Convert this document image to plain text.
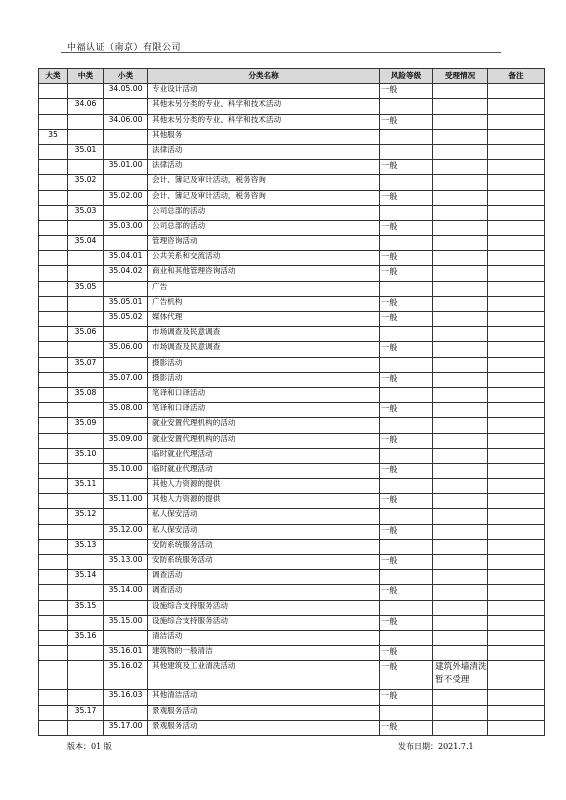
中福认证（南京）有限公司
大类	中类	小类	分类名称	风险等级	受理情况	备注
		34.05.00	专业设计活动	一般		
	34.06		其他未另分类的专业、科学和技术活动			
		34.06.00	其他未另分类的专业、科学和技术活动	一般		
35			其他服务			
	35.01		法律活动			
		35.01.00	法律活动	一般		
	35.02		会计、簿记及审计活动，税务咨询			
		35.02.00	会计、簿记及审计活动，税务咨询	一般		
	35.03		公司总部的活动			
		35.03.00	公司总部的活动	一般		
	35.04		管理咨询活动			
		35.04.01	公共关系和交流活动	一般		
		35.04.02	商业和其他管理咨询活动	一般		
	35.05		广告			
		35.05.01	广告机构	一般		
		35.05.02	媒体代理	一般		
	35.06		市场调查及民意调查			
		35.06.00	市场调查及民意调查	一般		
	35.07		摄影活动			
		35.07.00	摄影活动	一般		
	35.08		笔译和口译活动			
		35.08.00	笔译和口译活动	一般		
	35.09		就业安置代理机构的活动			
		35.09.00	就业安置代理机构的活动	一般		
	35.10		临时就业代理活动			
		35.10.00	临时就业代理活动	一般		
	35.11		其他人力资源的提供			
		35.11.00	其他人力资源的提供	一般		
	35.12		私人保安活动			
		35.12.00	私人保安活动	一般		
	35.13		安防系统服务活动			
		35.13.00	安防系统服务活动	一般		
	35.14		调查活动			
		35.14.00	调查活动	一般		
	35.15		设施综合支持服务活动			
		35.15.00	设施综合支持服务活动	一般		
	35.16		清洁活动			
		35.16.01	建筑物的一般清洁	一般		
		35.16.02	其他建筑及工业清洗活动	一般	建筑外墙清洗暂不受理	
		35.16.03	其他清洁活动	一般		
	35.17		景观服务活动			
		35.17.00	景观服务活动	一般		
版本：01 版	发布日期：2021.7.1
